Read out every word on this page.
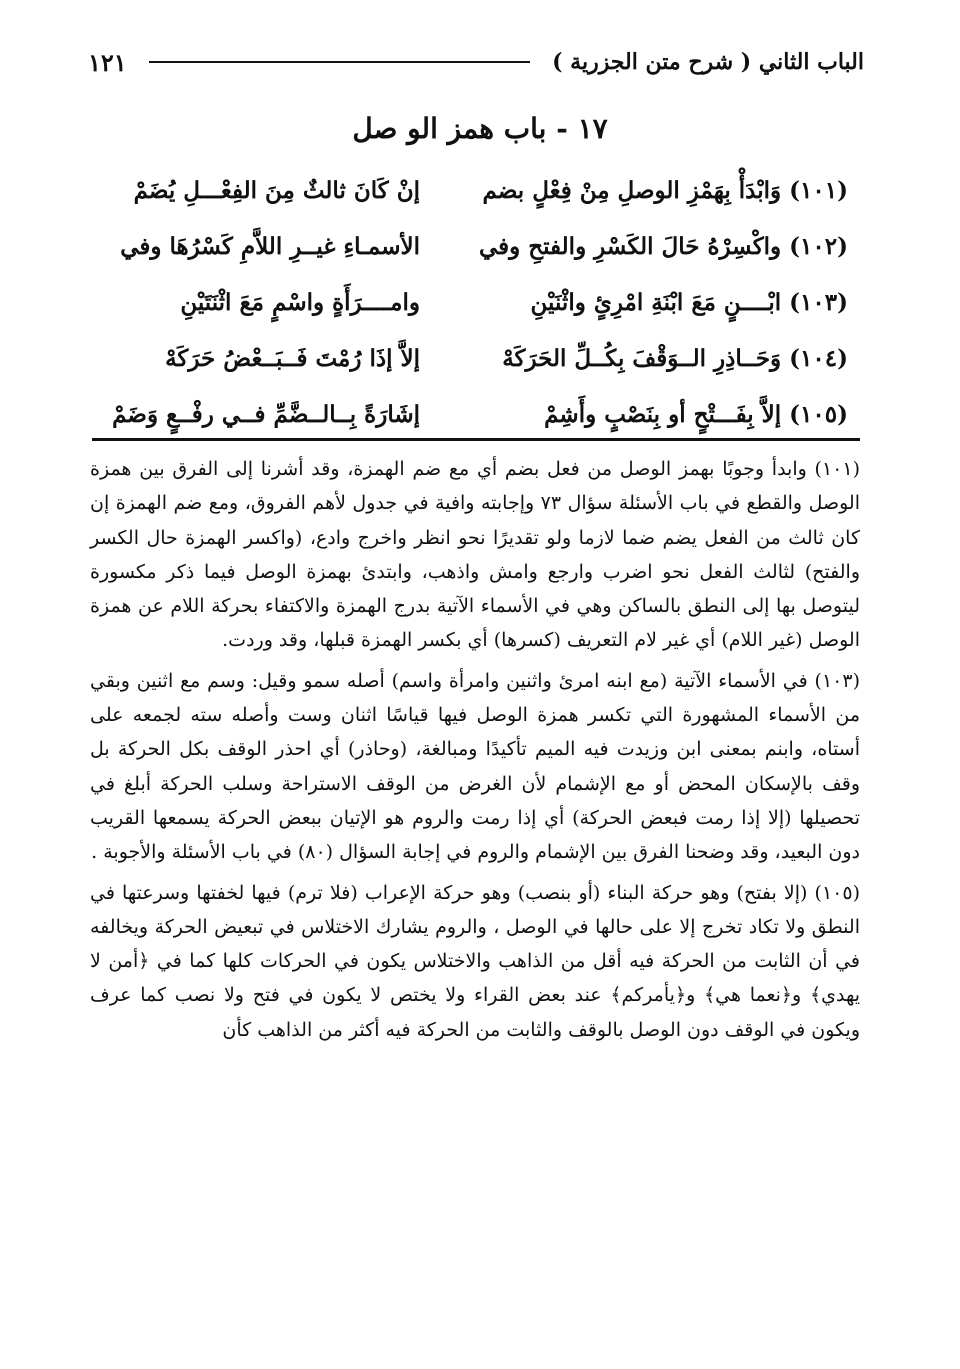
الباب الثاني ( شرح متن الجزرية )
١٢١
١٧ - باب همز الو صل
(١٠١)
وَابْدَأْ بِهَمْزِ الوصلِ مِنْ فِعْلٍ بضم
إنْ كَانَ ثالثٌ مِنَ الفِعْـــلِ يُضَمْ
(١٠٢)
واكْسِرْهُ حَالَ الكَسْرِ والفتحِ وفي
الأسمـاءِ غيــرِ اللاَّمِ كَسْرُهَا وفي
(١٠٣)
ابْــــنٍ مَعَ ابْنَةِ امْرِئٍ واثْنَيْنِ
وامــــرَأَةٍ واسْمٍ مَعَ اثْنَتَيْنِ
(١٠٤)
وَحَــاذِرِ الــوَقْفَ بِكُــلِّ الحَرَكَهْ
إلاَّ إذَا رُمْتَ فَــبَــعْضُ حَرَكَهْ
(١٠٥)
إلاَّ بِفَـــتْحٍ أو بِنَصْبٍ وأَشِمْ
إشَارَةً بِــالــضَّمِّ فــي رفْــعٍ وَضَمْ

(١٠١) وابدأ وجوبًا بهمز الوصل من فعل بضم أي مع ضم الهمزة، وقد أشرنا إلى الفرق بين همزة الوصل والقطع في باب الأسئلة سؤال ٧٣ وإجابته وافية في جدول لأهم الفروق، ومع ضم الهمزة إن كان ثالث من الفعل يضم ضما لازما ولو تقديرًا نحو انظر واخرج وادع، (واكسر الهمزة حال الكسر والفتح) لثالث الفعل نحو اضرب وارجع وامش واذهب، وابتدئ بهمزة الوصل فيما ذكر مكسورة ليتوصل بها إلى النطق بالساكن وهي في الأسماء الآتية بدرج الهمزة والاكتفاء بحركة اللام عن همزة الوصل (غير اللام) أي غير لام التعريف (كسرها) أي بكسر الهمزة قبلها، وقد وردت.

(١٠٣) في الأسماء الآتية (مع ابنه امرئ واثنين وامرأة واسم) أصله سمو وقيل: وسم مع اثنين وبقي من الأسماء المشهورة التي تكسر همزة الوصل فيها قياسًا اثنان وست وأصله سته لجمعه على أستاه، وابنم بمعنى ابن وزيدت فيه الميم تأكيدًا ومبالغة، (وحاذر) أي احذر الوقف بكل الحركة بل وقف بالإسكان المحض أو مع الإشمام لأن الغرض من الوقف الاستراحة وسلب الحركة أبلغ في تحصيلها (إلا إذا رمت فبعض الحركة) أي إذا رمت والروم هو الإتيان ببعض الحركة يسمعها القريب دون البعيد، وقد وضحنا الفرق بين الإشمام والروم في إجابة السؤال (٨٠) في باب الأسئلة والأجوبة .

(١٠٥) (إلا بفتح) وهو حركة البناء (أو بنصب) وهو حركة الإعراب (فلا ترم) فيها لخفتها وسرعتها في النطق ولا تكاد تخرج إلا على حالها في الوصل ، والروم يشارك الاختلاس في تبعيض الحركة ويخالفه في أن الثابت من الحركة فيه أقل من الذاهب والاختلاس يكون في الحركات كلها كما في ﴿أمن لا يهدي﴾ و﴿نعما هي﴾ و﴿يأمركم﴾ عند بعض القراء ولا يختص لا يكون في فتح ولا نصب كما عرف ويكون في الوقف دون الوصل بالوقف والثابت من الحركة فيه أكثر من الذاهب كأن
